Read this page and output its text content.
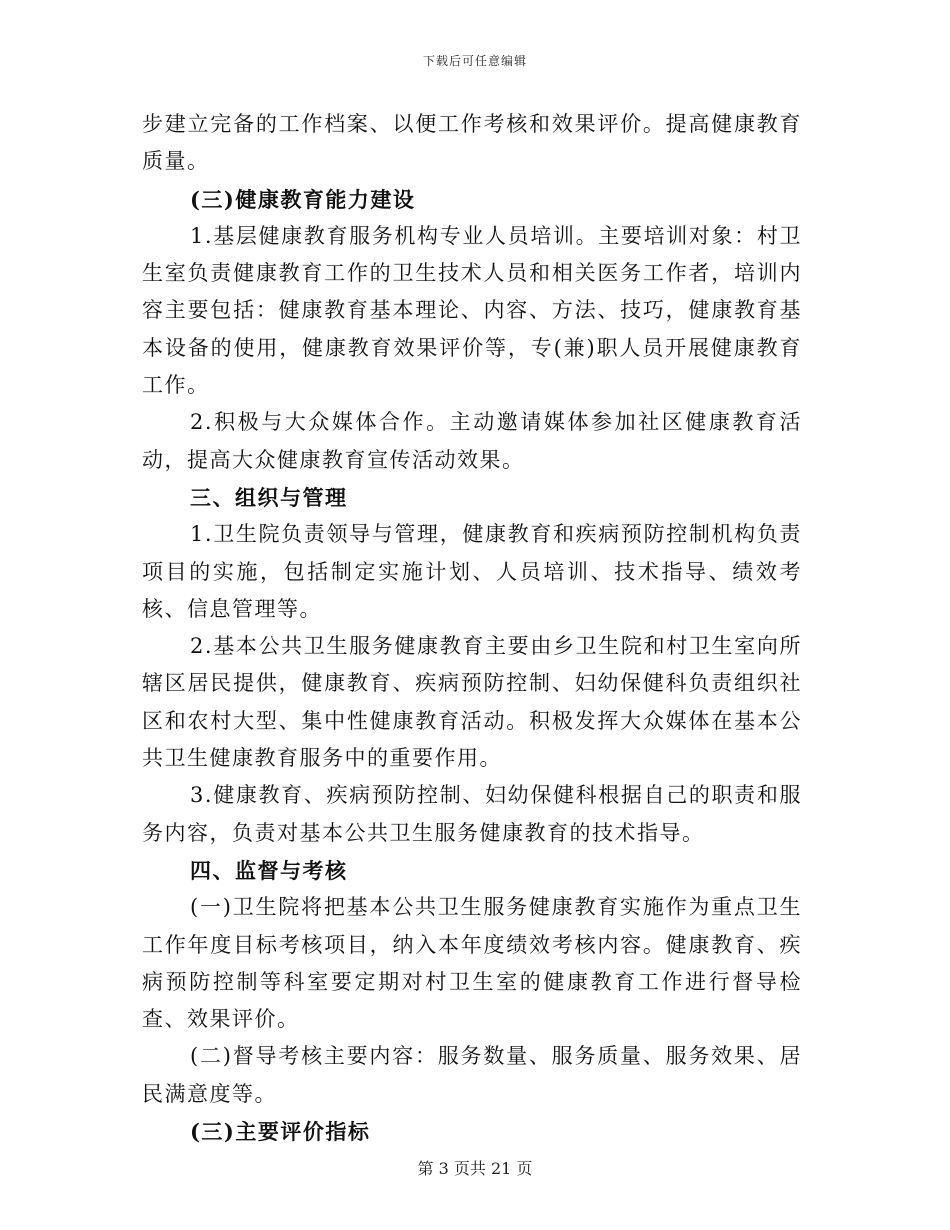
下载后可任意编辑

步建立完备的工作档案、以便工作考核和效果评价。提高健康教育质量。

(三)健康教育能力建设

1.基层健康教育服务机构专业人员培训。主要培训对象：村卫生室负责健康教育工作的卫生技术人员和相关医务工作者，培训内容主要包括：健康教育基本理论、内容、方法、技巧，健康教育基本设备的使用，健康教育效果评价等，专(兼)职人员开展健康教育工作。

2.积极与大众媒体合作。主动邀请媒体参加社区健康教育活动，提高大众健康教育宣传活动效果。

三、组织与管理

1.卫生院负责领导与管理，健康教育和疾病预防控制机构负责项目的实施，包括制定实施计划、人员培训、技术指导、绩效考核、信息管理等。

2.基本公共卫生服务健康教育主要由乡卫生院和村卫生室向所辖区居民提供，健康教育、疾病预防控制、妇幼保健科负责组织社区和农村大型、集中性健康教育活动。积极发挥大众媒体在基本公共卫生健康教育服务中的重要作用。

3.健康教育、疾病预防控制、妇幼保健科根据自己的职责和服务内容，负责对基本公共卫生服务健康教育的技术指导。

四、监督与考核

(一)卫生院将把基本公共卫生服务健康教育实施作为重点卫生工作年度目标考核项目，纳入本年度绩效考核内容。健康教育、疾病预防控制等科室要定期对村卫生室的健康教育工作进行督导检查、效果评价。

(二)督导考核主要内容：服务数量、服务质量、服务效果、居民满意度等。

(三)主要评价指标

第 3 页共 21 页
